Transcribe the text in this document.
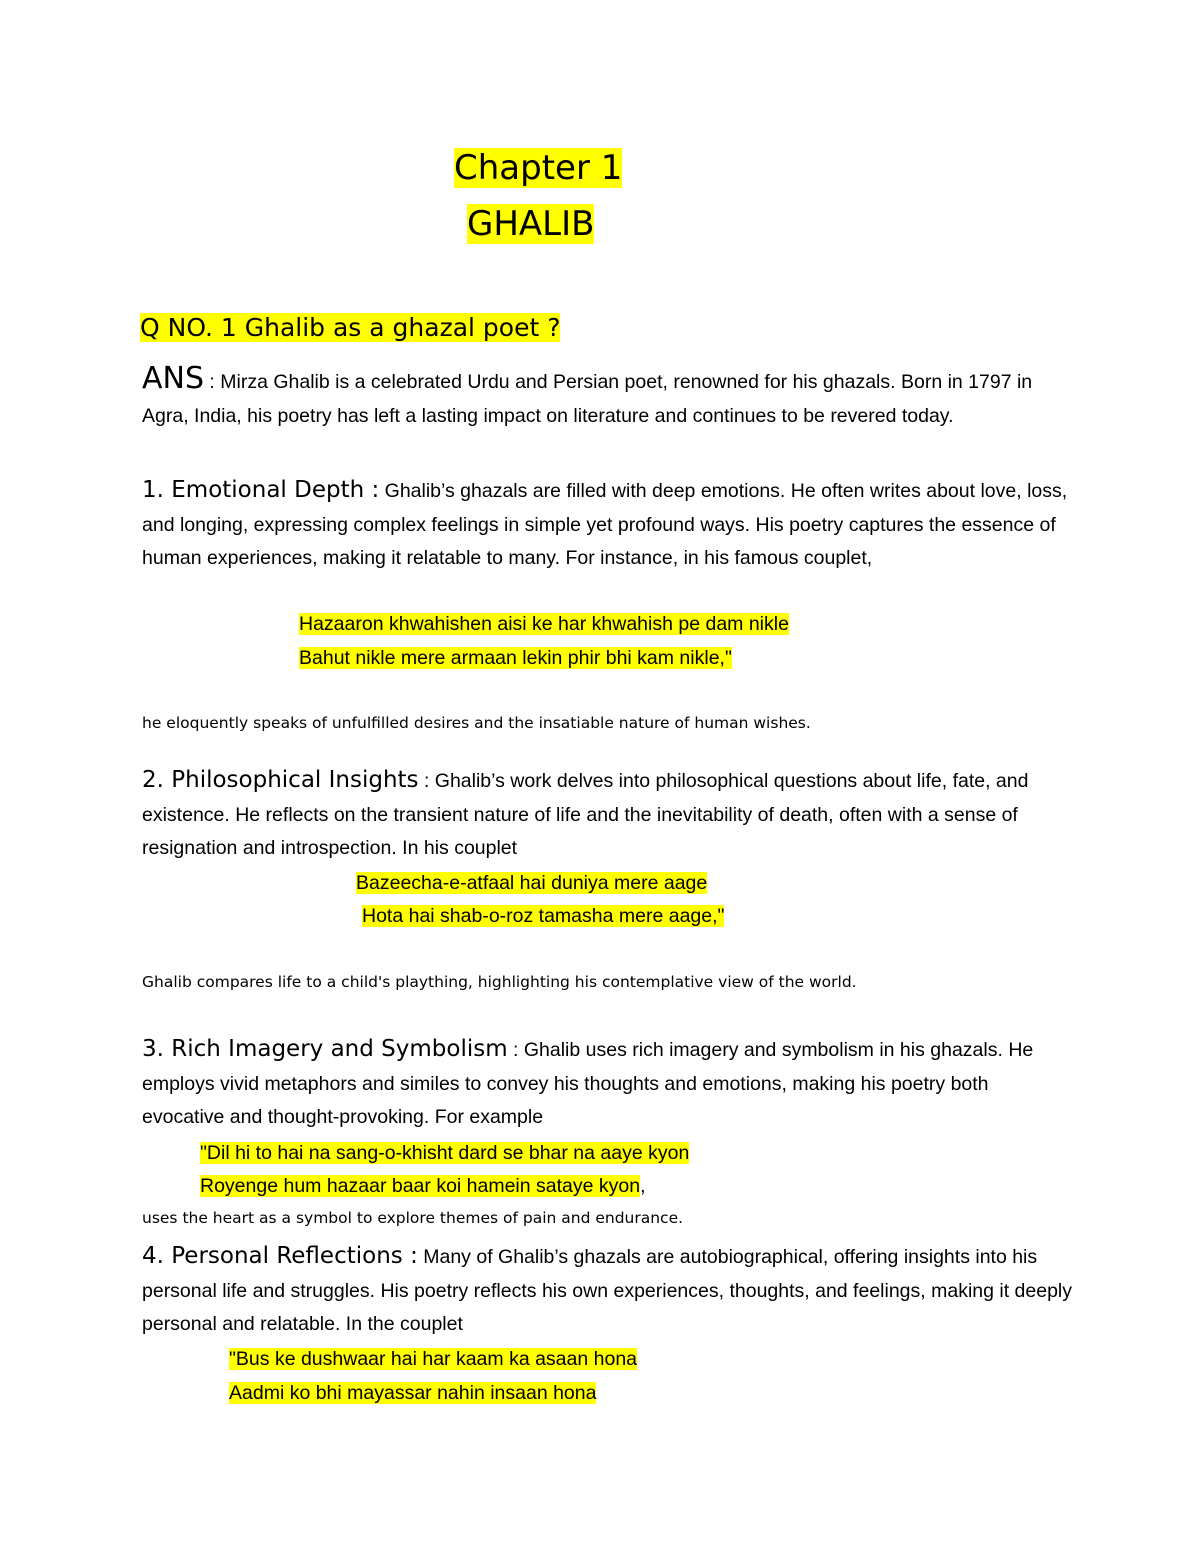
Chapter 1
GHALIB
Q NO. 1 Ghalib as a ghazal poet ?
ANS : Mirza Ghalib is a celebrated Urdu and Persian poet, renowned for his ghazals. Born in 1797 in Agra, India, his poetry has left a lasting impact on literature and continues to be revered today.
1. Emotional Depth : Ghalib’s ghazals are filled with deep emotions. He often writes about love, loss, and longing, expressing complex feelings in simple yet profound ways. His poetry captures the essence of human experiences, making it relatable to many. For instance, in his famous couplet,
Hazaaron khwahishen aisi ke har khwahish pe dam nikle
Bahut nikle mere armaan lekin phir bhi kam nikle,"
he eloquently speaks of unfulfilled desires and the insatiable nature of human wishes.
2. Philosophical Insights : Ghalib’s work delves into philosophical questions about life, fate, and existence. He reflects on the transient nature of life and the inevitability of death, often with a sense of resignation and introspection. In his couplet
Bazeecha-e-atfaal hai duniya mere aage
Hota hai shab-o-roz tamasha mere aage,"
Ghalib compares life to a child's plaything, highlighting his contemplative view of the world.
3. Rich Imagery and Symbolism : Ghalib uses rich imagery and symbolism in his ghazals. He employs vivid metaphors and similes to convey his thoughts and emotions, making his poetry both evocative and thought-provoking. For example
"Dil hi to hai na sang-o-khisht dard se bhar na aaye kyon
Royenge hum hazaar baar koi hamein sataye kyon,
uses the heart as a symbol to explore themes of pain and endurance.
4. Personal Reflections : Many of Ghalib’s ghazals are autobiographical, offering insights into his personal life and struggles. His poetry reflects his own experiences, thoughts, and feelings, making it deeply personal and relatable. In the couplet
"Bus ke dushwaar hai har kaam ka asaan hona
Aadmi ko bhi mayassar nahin insaan hona
